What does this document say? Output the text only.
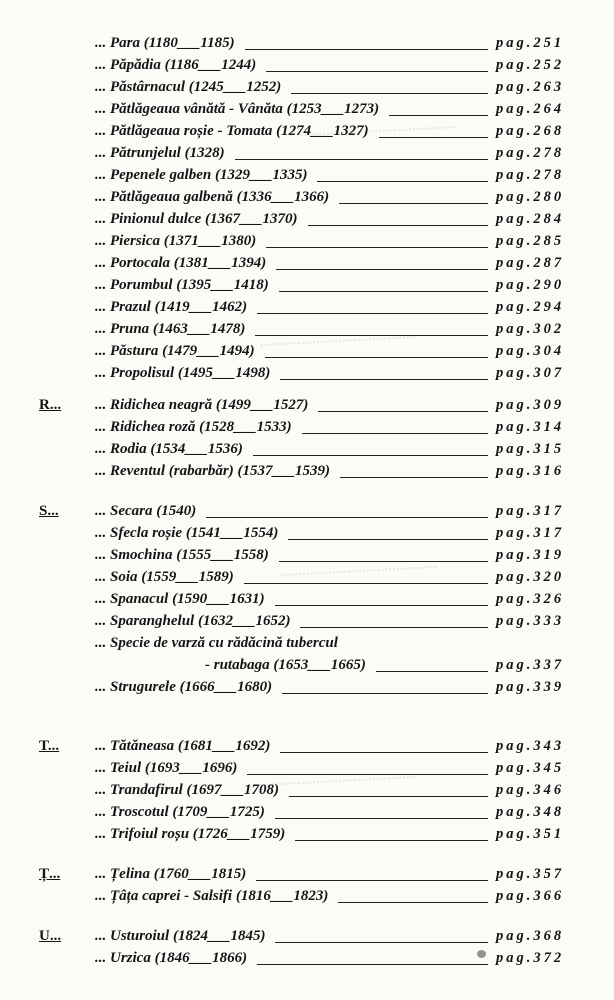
..........................................
..........................................
..........................................
..........................................
... Para (1180___1185)	pag.251
... Păpădia (1186___1244)	pag.252
... Păstârnacul (1245___1252)	pag.263
... Pătlăgeaua vânătă - Vânăta (1253___1273)	pag.264
... Pătlăgeaua roșie - Tomata (1274___1327)	pag.268
... Pătrunjelul (1328)	pag.278
... Pepenele galben (1329___1335)	pag.278
... Pătlăgeaua galbenă (1336___1366)	pag.280
... Pinionul dulce (1367___1370)	pag.284
... Piersica (1371___1380)	pag.285
... Portocala (1381___1394)	pag.287
... Porumbul (1395___1418)	pag.290
... Prazul (1419___1462)	pag.294
... Pruna (1463___1478)	pag.302
... Păstura (1479___1494)	pag.304
... Propolisul (1495___1498)	pag.307
R... ... Ridichea neagră (1499___1527)	pag.309
... Ridichea roză (1528___1533)	pag.314
... Rodia (1534___1536)	pag.315
... Reventul (rabarbăr) (1537___1539)	pag.316
S... ... Secara (1540)	pag.317
... Sfecla roșie (1541___1554)	pag.317
... Smochina (1555___1558)	pag.319
... Soia (1559___1589)	pag.320
... Spanacul (1590___1631)	pag.326
... Sparanghelul (1632___1652)	pag.333
... Specie de varză cu rădăcină tubercul
- rutabaga (1653___1665)	pag.337
... Strugurele (1666___1680)	pag.339
T... ... Tătăneasa (1681___1692)	pag.343
... Teiul (1693___1696)	pag.345
... Trandafirul (1697___1708)	pag.346
... Troscotul (1709___1725)	pag.348
... Trifoiul roșu (1726___1759)	pag.351
Ț... ... Țelina (1760___1815)	pag.357
... Țâța caprei - Salsifi (1816___1823)	pag.366
U... ... Usturoiul (1824___1845)	pag.368
... Urzica (1846___1866)	pag.372
